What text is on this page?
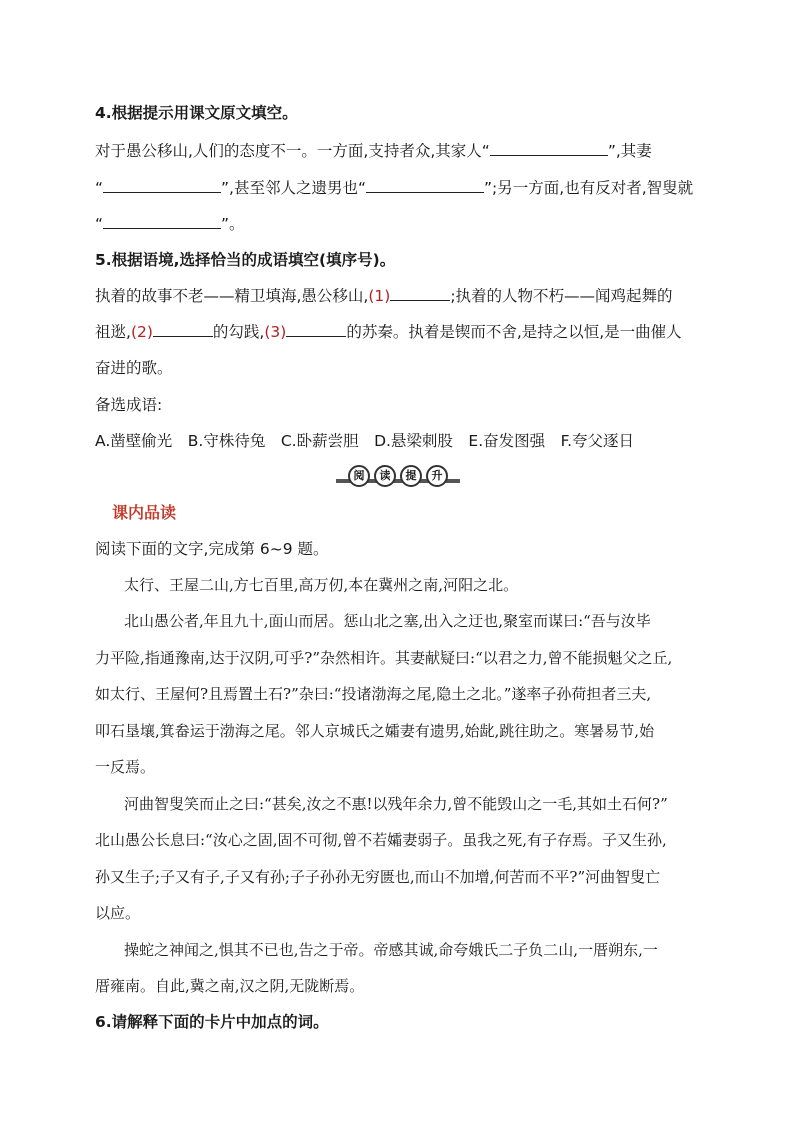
4.根据提示用课文原文填空。
对于愚公移山,人们的态度不一。一方面,支持者众,其家人“	”,其妻
“	”,甚至邻人之遗男也“	”;另一方面,也有反对者,智叟就
“	”。
5.根据语境,选择恰当的成语填空(填序号)。
执着的故事不老——精卫填海,愚公移山,(1)	;执着的人物不朽——闻鸡起舞的
祖逖,(2)	的勾践,(3)	的苏秦。执着是锲而不舍,是持之以恒,是一曲催人
奋进的歌。
备选成语:
A.凿壁偷光　B.守株待兔　C.卧薪尝胆　D.悬梁刺股　E.奋发图强　F.夸父逐日
阅	读	提	升
课内品读
阅读下面的文字,完成第 6~9 题。
太行、王屋二山,方七百里,高万仞,本在冀州之南,河阳之北。
北山愚公者,年且九十,面山而居。惩山北之塞,出入之迂也,聚室而谋曰:“吾与汝毕
力平险,指通豫南,达于汉阴,可乎?”杂然相许。其妻献疑曰:“以君之力,曾不能损魁父之丘,
如太行、王屋何?且焉置土石?”杂曰:“投诸渤海之尾,隐土之北。”遂率子孙荷担者三夫,
叩石垦壤,箕畚运于渤海之尾。邻人京城氏之孀妻有遗男,始龀,跳往助之。寒暑易节,始
一反焉。
河曲智叟笑而止之曰:“甚矣,汝之不惠!以残年余力,曾不能毁山之一毛,其如土石何?”
北山愚公长息曰:“汝心之固,固不可彻,曾不若孀妻弱子。虽我之死,有子存焉。子又生孙,
孙又生子;子又有子,子又有孙;子子孙孙无穷匮也,而山不加增,何苦而不平?”河曲智叟亡
以应。
操蛇之神闻之,惧其不已也,告之于帝。帝感其诚,命夸娥氏二子负二山,一厝朔东,一
厝雍南。自此,冀之南,汉之阴,无陇断焉。
6.请解释下面的卡片中加点的词。
